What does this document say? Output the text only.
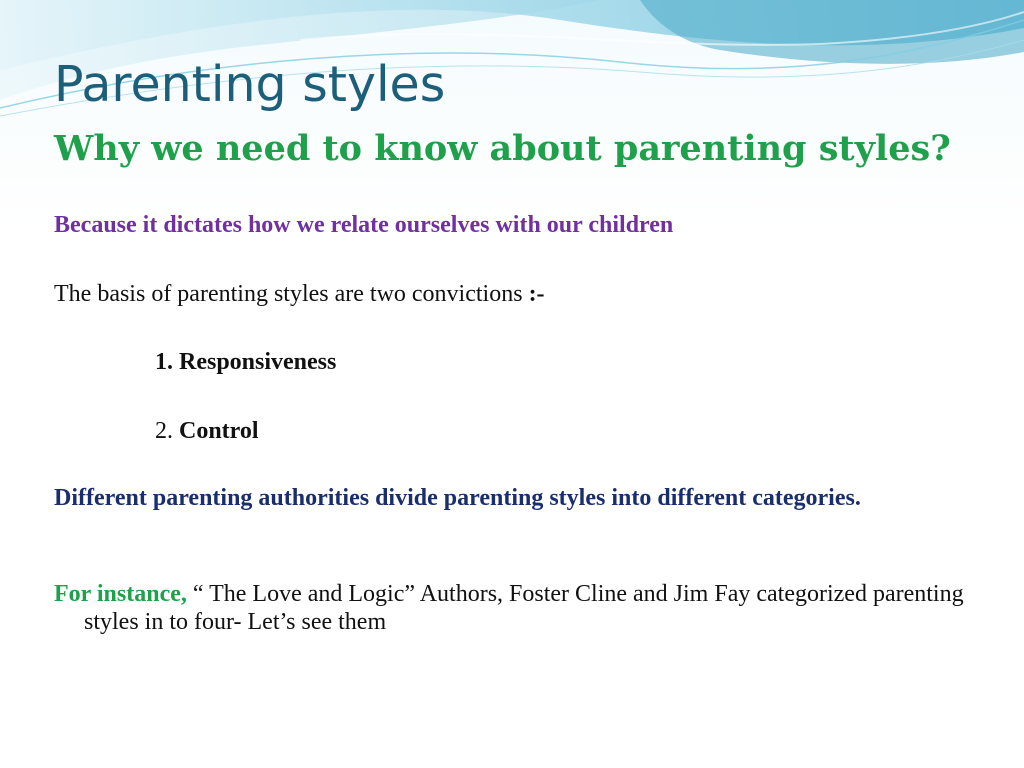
Parenting styles
Why we need to know about parenting styles?

Because it dictates how we relate ourselves with our children

The basis of parenting styles are two convictions :-

1. Responsiveness

2. Control

Different parenting authorities divide parenting styles into different categories.

For instance, “ The Love and Logic” Authors, Foster Cline and Jim Fay categorized parenting styles in to four- Let’s see them
